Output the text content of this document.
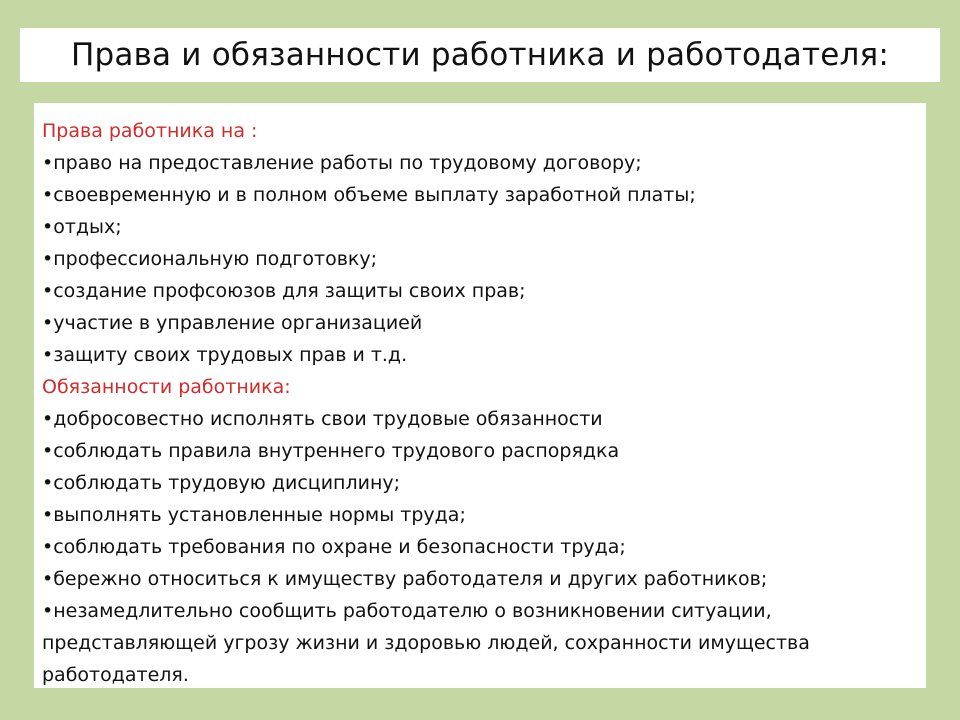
Права и обязанности работника и работодателя:
Права работника на :
• право на предоставление работы по трудовому договору;
• своевременную и в полном объеме выплату заработной платы;
• отдых;
• профессиональную подготовку;
• создание профсоюзов для защиты своих прав;
• участие в управление организацией
• защиту своих трудовых прав и т.д.
Обязанности работника:
• добросовестно исполнять свои трудовые обязанности
• соблюдать правила внутреннего трудового распорядка
• соблюдать трудовую дисциплину;
• выполнять установленные нормы труда;
• соблюдать требования по охране и безопасности труда;
• бережно относиться к имуществу работодателя и других работников;
• незамедлительно сообщить работодателю о возникновении ситуации,
представляющей угрозу жизни и здоровью людей, сохранности имущества
работодателя.
